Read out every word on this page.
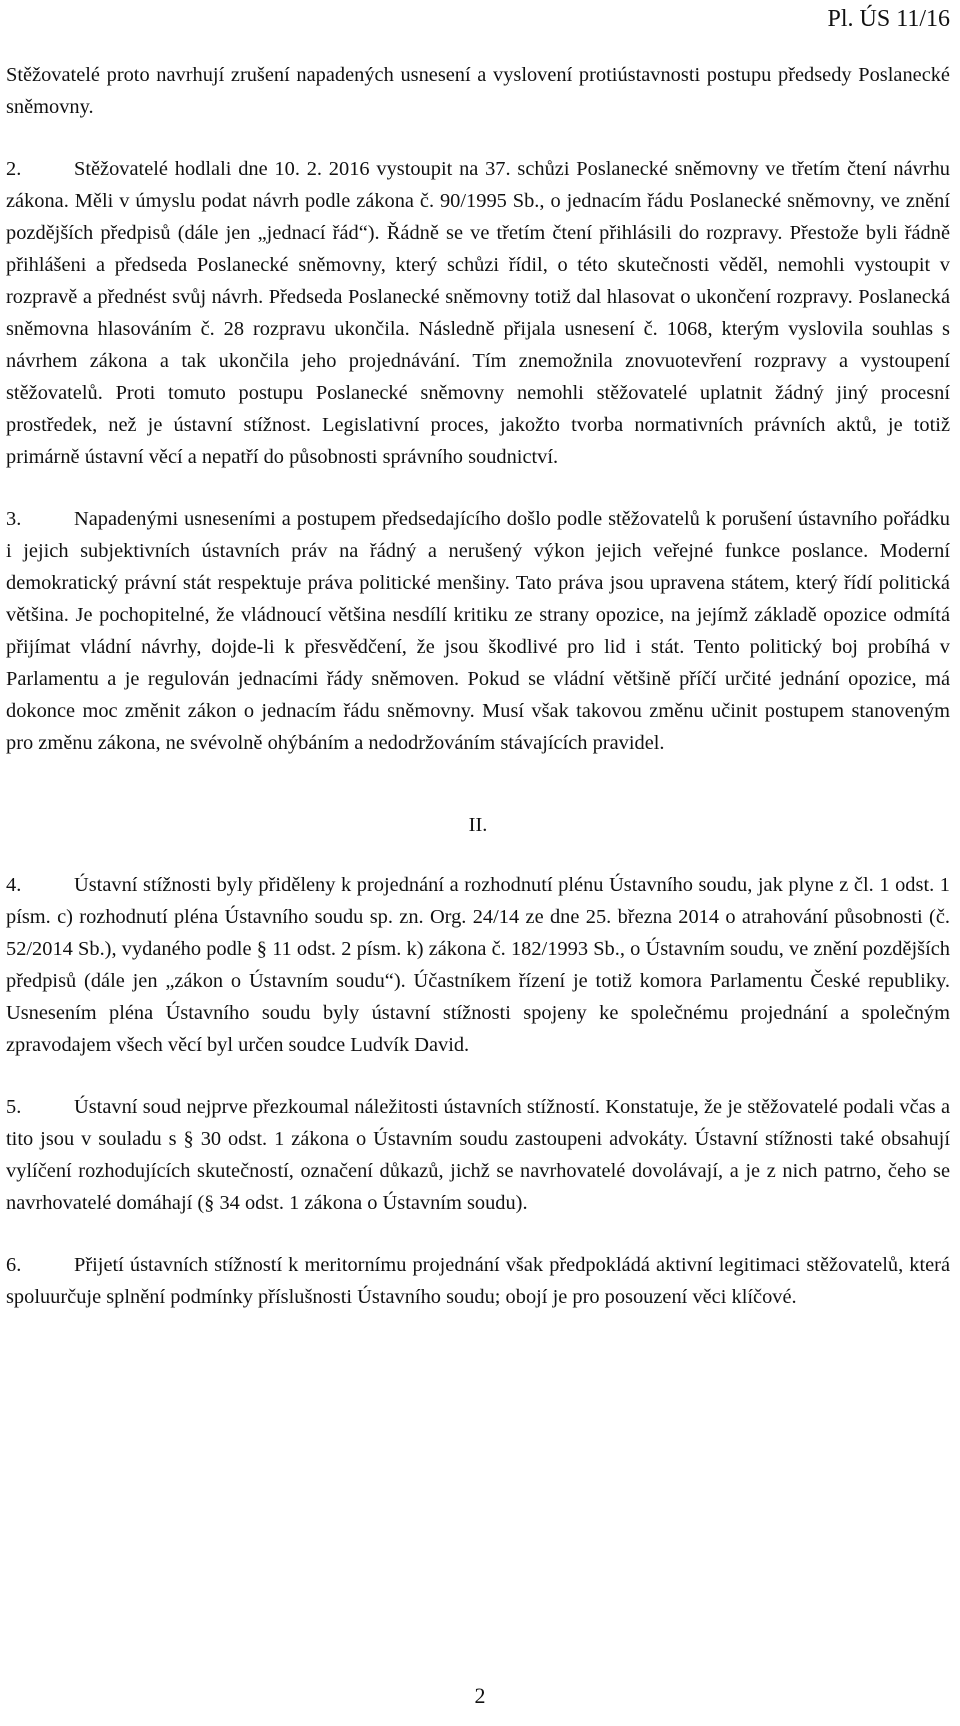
Pl. ÚS 11/16

Stěžovatelé proto navrhují zrušení napadených usnesení a vyslovení protiústavnosti postupu předsedy Poslanecké sněmovny.

2.	Stěžovatelé hodlali dne 10. 2. 2016 vystoupit na 37. schůzi Poslanecké sněmovny ve třetím čtení návrhu zákona. Měli v úmyslu podat návrh podle zákona č. 90/1995 Sb., o jednacím řádu Poslanecké sněmovny, ve znění pozdějších předpisů (dále jen „jednací řád“). Řádně se ve třetím čtení přihlásili do rozpravy. Přestože byli řádně přihlášeni a předseda Poslanecké sněmovny, který schůzi řídil, o této skutečnosti věděl, nemohli vystoupit v rozpravě a přednést svůj návrh. Předseda Poslanecké sněmovny totiž dal hlasovat o ukončení rozpravy. Poslanecká sněmovna hlasováním č. 28 rozpravu ukončila. Následně přijala usnesení č. 1068, kterým vyslovila souhlas s návrhem zákona a tak ukončila jeho projednávání. Tím znemožnila znovuotevření rozpravy a vystoupení stěžovatelů. Proti tomuto postupu Poslanecké sněmovny nemohli stěžovatelé uplatnit žádný jiný procesní prostředek, než je ústavní stížnost. Legislativní proces, jakožto tvorba normativních právních aktů, je totiž primárně ústavní věcí a nepatří do působnosti správního soudnictví.

3.	Napadenými usneseními a postupem předsedajícího došlo podle stěžovatelů k porušení ústavního pořádku i jejich subjektivních ústavních práv na řádný a nerušený výkon jejich veřejné funkce poslance. Moderní demokratický právní stát respektuje práva politické menšiny. Tato práva jsou upravena státem, který řídí politická většina. Je pochopitelné, že vládnoucí většina nesdílí kritiku ze strany opozice, na jejímž základě opozice odmítá přijímat vládní návrhy, dojde-li k přesvědčení, že jsou škodlivé pro lid i stát. Tento politický boj probíhá v Parlamentu a je regulován jednacími řády sněmoven. Pokud se vládní většině příčí určité jednání opozice, má dokonce moc změnit zákon o jednacím řádu sněmovny. Musí však takovou změnu učinit postupem stanoveným pro změnu zákona, ne svévolně ohýbáním a nedodržováním stávajících pravidel.

II.

4.	Ústavní stížnosti byly přiděleny k projednání a rozhodnutí plénu Ústavního soudu, jak plyne z čl. 1 odst. 1 písm. c) rozhodnutí pléna Ústavního soudu sp. zn. Org. 24/14 ze dne 25. března 2014 o atrahování působnosti (č. 52/2014 Sb.), vydaného podle § 11 odst. 2 písm. k) zákona č. 182/1993 Sb., o Ústavním soudu, ve znění pozdějších předpisů (dále jen „zákon o Ústavním soudu“). Účastníkem řízení je totiž komora Parlamentu České republiky. Usnesením pléna Ústavního soudu byly ústavní stížnosti spojeny ke společnému projednání a společným zpravodajem všech věcí byl určen soudce Ludvík David.

5.	Ústavní soud nejprve přezkoumal náležitosti ústavních stížností. Konstatuje, že je stěžovatelé podali včas a tito jsou v souladu s § 30 odst. 1 zákona o Ústavním soudu zastoupeni advokáty. Ústavní stížnosti také obsahují vylíčení rozhodujících skutečností, označení důkazů, jichž se navrhovatelé dovolávají, a je z nich patrno, čeho se navrhovatelé domáhají (§ 34 odst. 1 zákona o Ústavním soudu).

6.	Přijetí ústavních stížností k meritornímu projednání však předpokládá aktivní legitimaci stěžovatelů, která spoluurčuje splnění podmínky příslušnosti Ústavního soudu; obojí je pro posouzení věci klíčové.

2
